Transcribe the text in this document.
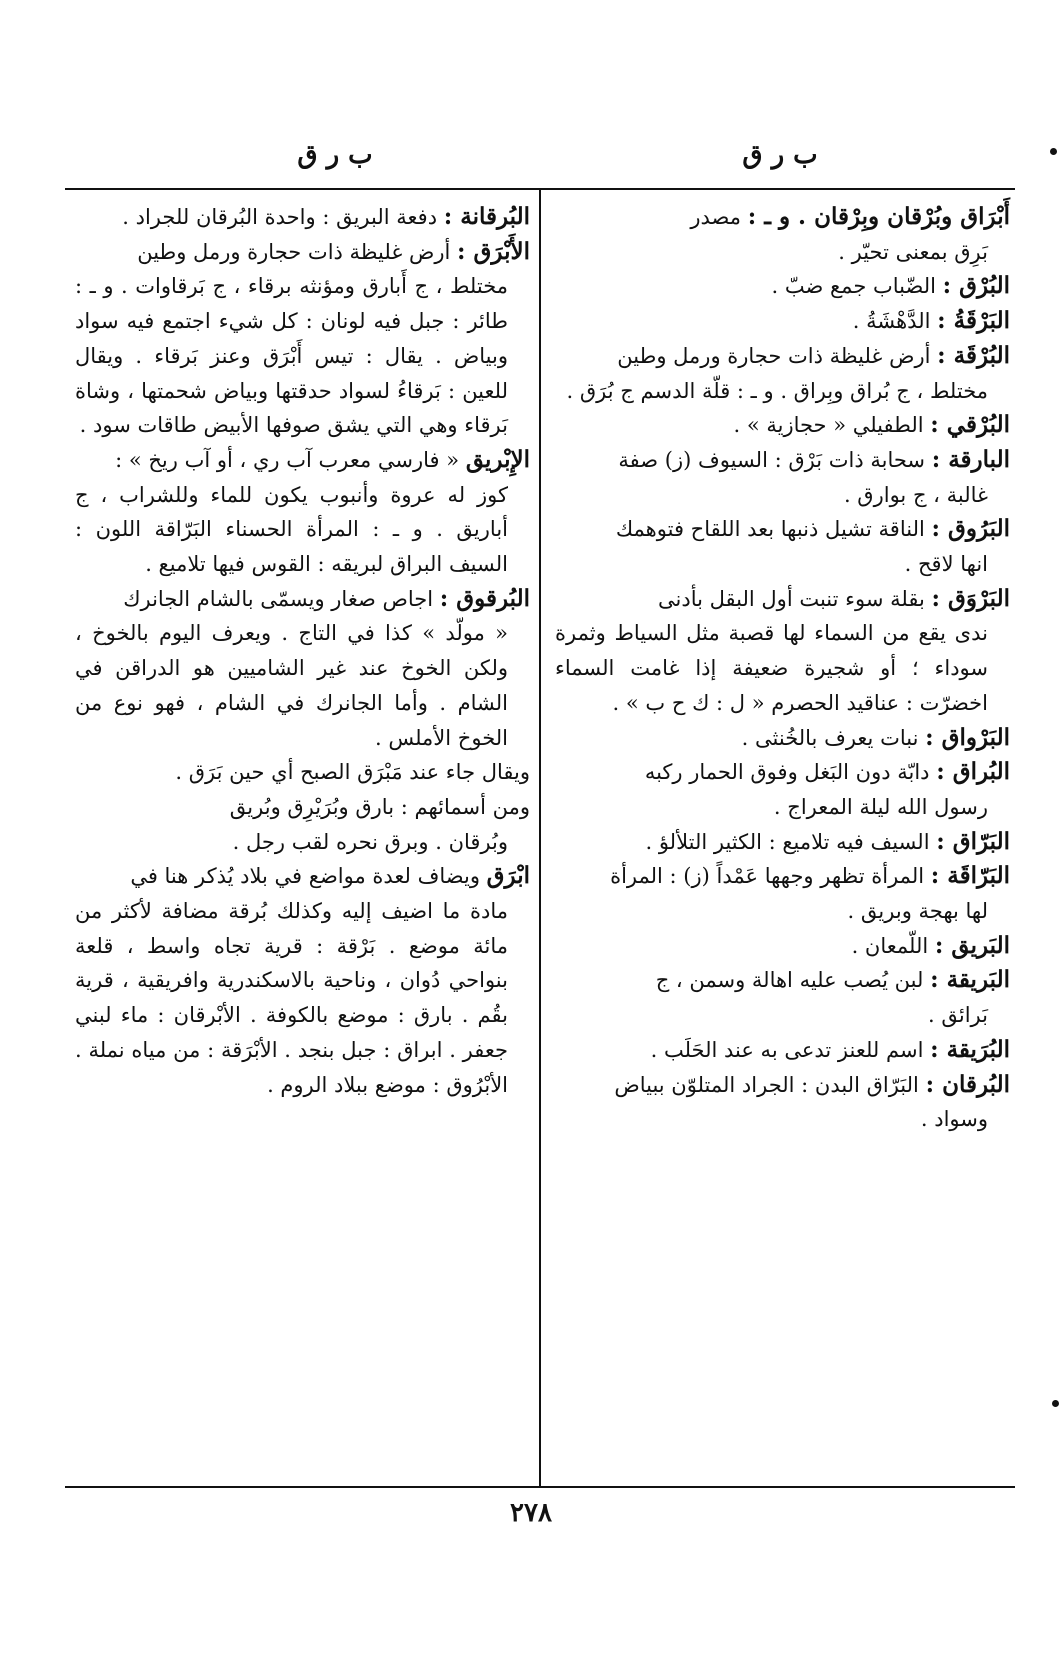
ب ر ق
ب ر ق

أَبْرَاق وبُرْقان وبِرْقان . و ـ : مصدر
بَرِق بمعنى تحيّر .

البُرْق : الضّباب جمع ضبّ .

البَرْقَةُ : الدَّهْشَةُ .

البُرْقَة : أرض غليظة ذات حجارة ورمل وطين
مختلط ، ج بُراق وبِراق . و ـ : قلّة الدسم ج بُرَق .

البُرْقي : الطفيلي « حجازية » .

البارقة : سحابة ذات بَرْق : السيوف (ز) صفة
غالبة ، ج بوارق .

البَرُوق : الناقة تشيل ذنبها بعد اللقاح فتوهمك
انها لاقح .

البَرْوَق : بقلة سوء تنبت أول البقل بأدنى
ندى يقع من السماء لها قصبة مثل السياط وثمرة سوداء ؛ أو شجيرة ضعيفة إذا غامت السماء اخضرّت : عناقيد الحصرم « ل : ك ح ب » .

البَرْواق : نبات يعرف بالخُنثى .

البُراق : دابّة دون البَغل وفوق الحمار ركبه
رسول الله ليلة المعراج .

البَرّاق : السيف فيه تلاميع : الكثير التلألؤ .

البَرّاقَة : المرأة تظهر وجهها عَمْداً (ز) : المرأة
لها بهجة وبريق .

البَريق : اللّمعان .

البَريقة : لبن يُصب عليه اهالة وسمن ، ج
بَرائق .

البُرَيقة : اسم للعنز تدعى به عند الحَلَب .

البُرقان : البَرّاق البدن : الجراد المتلوّن ببياض
وسواد .

البُرقانة : دفعة البريق : واحدة البُرقان للجراد .

الأَبْرَق : أرض غليظة ذات حجارة ورمل وطين
مختلط ، ج أَبارق ومؤنثه برقاء ، ج بَرقاوات . و ـ : طائر : جبل فيه لونان : كل شيء اجتمع فيه سواد وبياض . يقال : تيس أَبْرَق وعنز بَرقاء . ويقال للعين : بَرقاءُ لسواد حدقتها وبياض شحمتها ، وشاة بَرقاء وهي التي يشق صوفها الأبيض طاقات سود .

الإِبْريق « فارسي معرب آب ري ، أو آب ريخ » :
كوز له عروة وأنبوب يكون للماء وللشراب ، ج أباريق . و ـ : المرأة الحسناء البَرّاقة اللون : السيف البراق لبريقه : القوس فيها تلاميع .

البُرقوق : اجاص صغار ويسمّى بالشام الجانرك
« مولّد » كذا في التاج . ويعرف اليوم بالخوخ ، ولكن الخوخ عند غير الشاميين هو الدراقن في الشام . وأما الجانرك في الشام ، فهو نوع من الخوخ الأملس .

ويقال جاء عند مَبْرَق الصبح أي حين بَرَق .

ومن أسمائهم : بارق وبُرَيْرِق وبُريق
وبُرقان . وبرق نحره لقب رجل .

ابْرَق ويضاف لعدة مواضع في بلاد يُذكر هنا في
مادة ما اضيف إليه وكذلك بُرقة مضافة لأكثر من مائة موضع . بَرْقة : قرية تجاه واسط ، قلعة بنواحي دُوان ، وناحية بالاسكندرية وافريقية ، قرية بقُم . بارق : موضع بالكوفة . الأبْرقان : ماء لبني جعفر . ابراق : جبل بنجد . الأبْرَقة : من مياه نملة . الأبْرُوق : موضع ببلاد الروم .

٢٧٨
